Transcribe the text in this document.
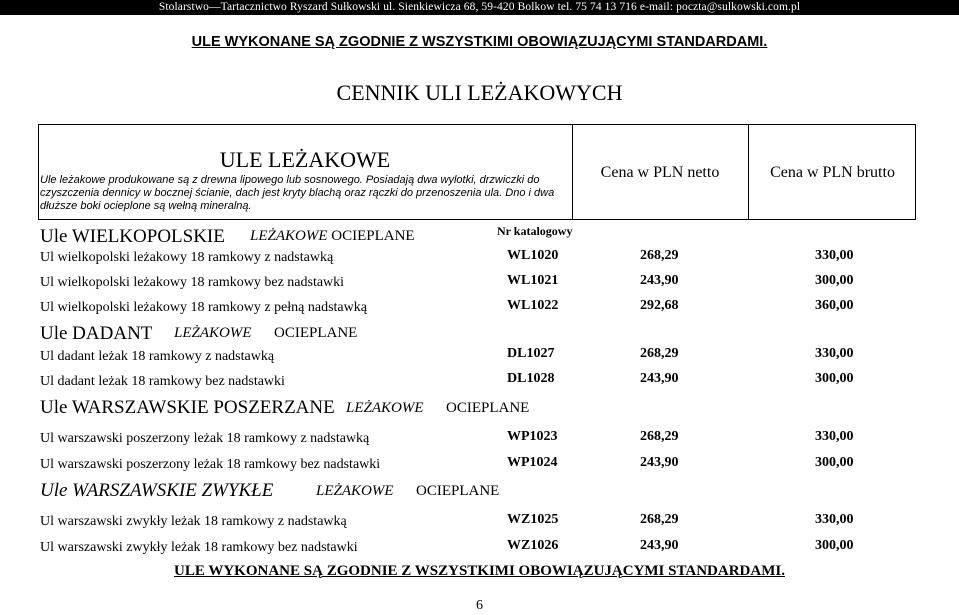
Stolarstwo—Tartacznictwo Ryszard Sułkowski ul. Sienkiewicza 68, 59-420 Bolkow tel. 75 74 13 716 e-mail: poczta@sulkowski.com.pl
ULE WYKONANE SĄ ZGODNIE Z WSZYSTKIMI OBOWIĄZUJĄCYMI STANDARDAMI.
CENNIK ULI LEŻAKOWYCH
ULE LEŻAKOWE
Ule leżakowe produkowane są z drewna lipowego lub sosnowego. Posiadają dwa wylotki, drzwiczki do czyszczenia dennicy w bocznej ścianie, dach jest kryty blachą oraz rączki do przenoszenia ula. Dno i dwa dłuższe boki ocieplone są wełną mineralną.
Cena w PLN netto	Cena w PLN brutto
Nr katalogowy
Ule WIELKOPOLSKIE LEŻAKOWE OCIEPLANE
Ul wielkopolski leżakowy 18 ramkowy z nadstawką	WL1020	268,29	330,00
Ul wielkopolski leżakowy 18 ramkowy bez nadstawki	WL1021	243,90	300,00
Ul wielkopolski leżakowy 18 ramkowy z pełną nadstawką	WL1022	292,68	360,00
Ule DADANT LEŻAKOWE OCIEPLANE
Ul dadant leżak 18 ramkowy z nadstawką	DL1027	268,29	330,00
Ul dadant leżak 18 ramkowy bez nadstawki	DL1028	243,90	300,00
Ule WARSZAWSKIE POSZERZANE LEŻAKOWE OCIEPLANE
Ul warszawski poszerzony leżak 18 ramkowy z nadstawką	WP1023	268,29	330,00
Ul warszawski poszerzony leżak 18 ramkowy bez nadstawki	WP1024	243,90	300,00
Ule WARSZAWSKIE ZWYKŁE	LEŻAKOWE OCIEPLANE
Ul warszawski zwykły leżak 18 ramkowy z nadstawką	WZ1025	268,29	330,00
Ul warszawski zwykły leżak 18 ramkowy bez nadstawki	WZ1026	243,90	300,00
ULE WYKONANE SĄ ZGODNIE Z WSZYSTKIMI OBOWIĄZUJĄCYMI STANDARDAMI.
6
